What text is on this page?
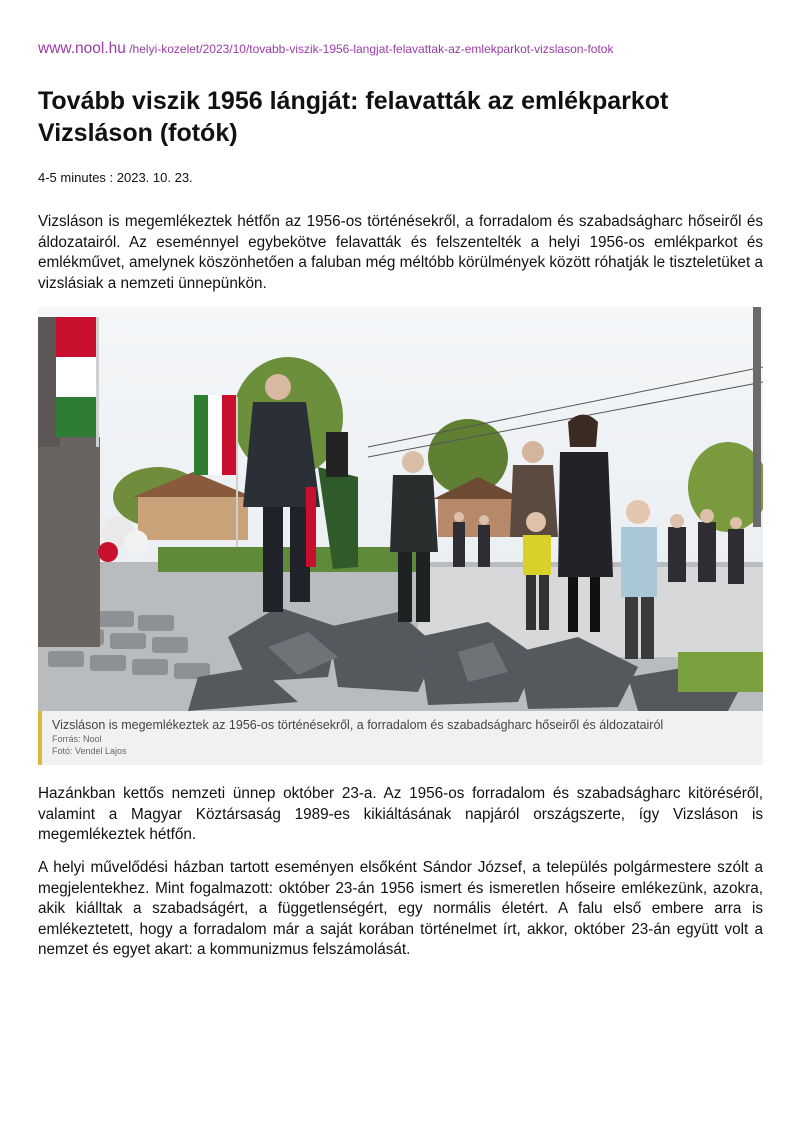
www.nool.hu /helyi-kozelet/2023/10/tovabb-viszik-1956-langjat-felavattak-az-emlekparkot-vizslason-fotok
Tovább viszik 1956 lángját: felavatták az emlékparkot Vizsláson (fotók)
4-5 minutes : 2023. 10. 23.

Vizsláson is megemlékeztek hétfőn az 1956-os történésekről, a forradalom és szabadságharc hőseiről és áldozatairól. Az eseménnyel egybekötve felavatták és felszentelték a helyi 1956-os emlékparkot és emlékművet, amelynek köszönhetően a faluban még méltóbb körülmények között róhatják le tiszteletüket a vizslásiak a nemzeti ünnepünkön.

Vizsláson is megemlékeztek az 1956-os történésekről, a forradalom és szabadságharc hőseiről és áldozatairól
Forrás: Nool
Fotó: Vendel Lajos

Hazánkban kettős nemzeti ünnep október 23-a. Az 1956-os forradalom és szabadságharc kitöréséről, valamint a Magyar Köztársaság 1989-es kikiáltásának napjáról országszerte, így Vizsláson is megemlékeztek hétfőn.

A helyi művelődési házban tartott eseményen elsőként Sándor József, a település polgármestere szólt a megjelentekhez. Mint fogalmazott: október 23-án 1956 ismert és ismeretlen hőseire emlékezünk, azokra, akik kiálltak a szabadságért, a függetlenségért, egy normális életért. A falu első embere arra is emlékeztetett, hogy a forradalom már a saját korában történelmet írt, akkor, október 23-án együtt volt a nemzet és egyet akart: a kommunizmus felszámolását.
